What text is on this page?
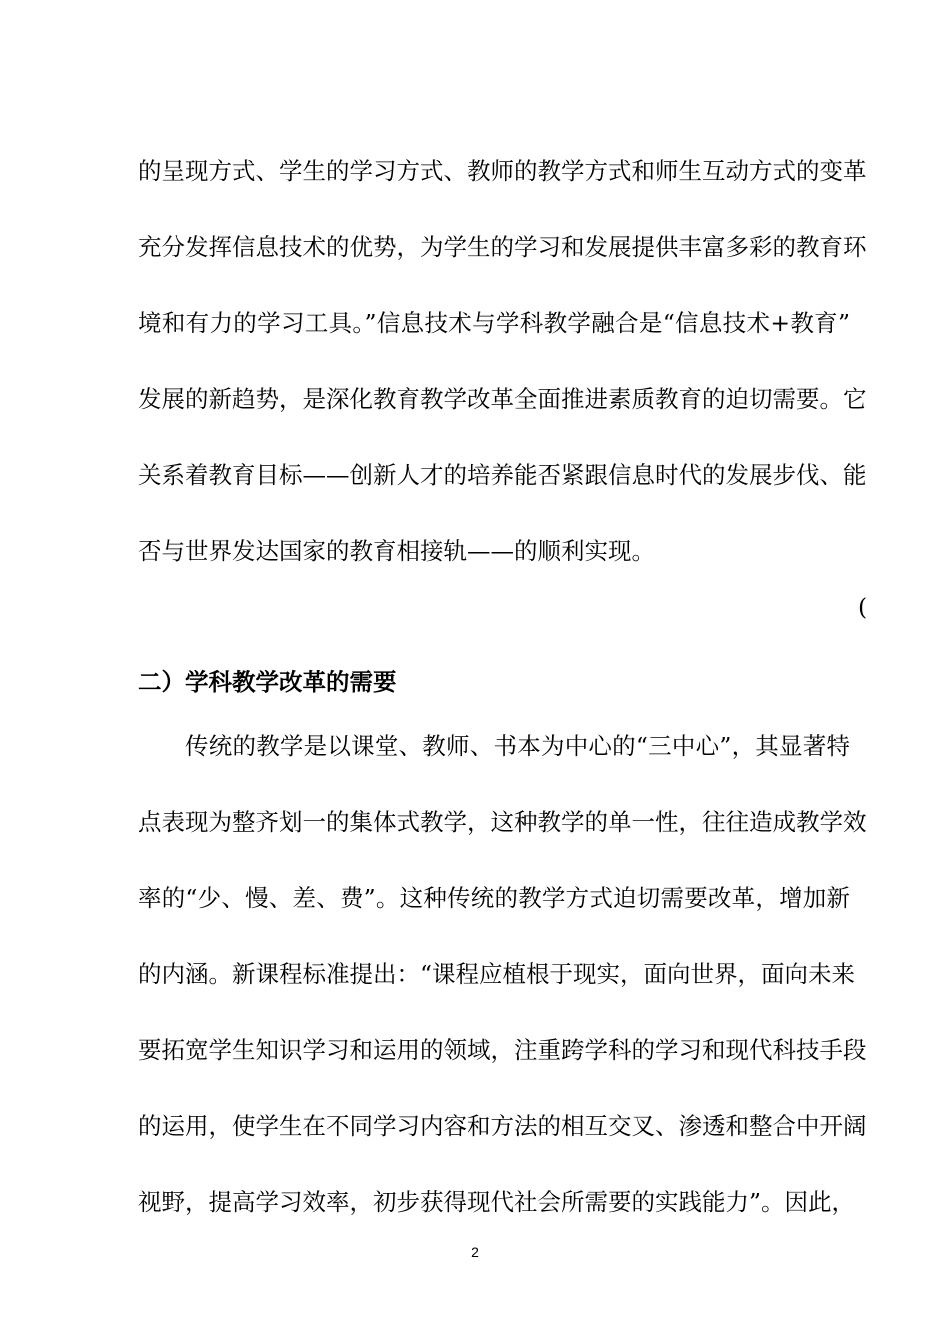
的呈现方式、学生的学习方式、教师的教学方式和师生互动方式的变革
充分发挥信息技术的优势，为学生的学习和发展提供丰富多彩的教育环
境和有力的学习工具。”信息技术与学科教学融合是“信息技术+教育”
发展的新趋势，是深化教育教学改革全面推进素质教育的迫切需要。它
关系着教育目标——创新人才的培养能否紧跟信息时代的发展步伐、能
否与世界发达国家的教育相接轨——的顺利实现。
(
二）学科教学改革的需要
传统的教学是以课堂、教师、书本为中心的“三中心”，其显著特
点表现为整齐划一的集体式教学，这种教学的单一性，往往造成教学效
率的“少、慢、差、费”。这种传统的教学方式迫切需要改革，增加新
的内涵。新课程标准提出：“课程应植根于现实，面向世界，面向未来
要拓宽学生知识学习和运用的领域，注重跨学科的学习和现代科技手段
的运用，使学生在不同学习内容和方法的相互交叉、渗透和整合中开阔
视野，提高学习效率，初步获得现代社会所需要的实践能力”。因此，
2
